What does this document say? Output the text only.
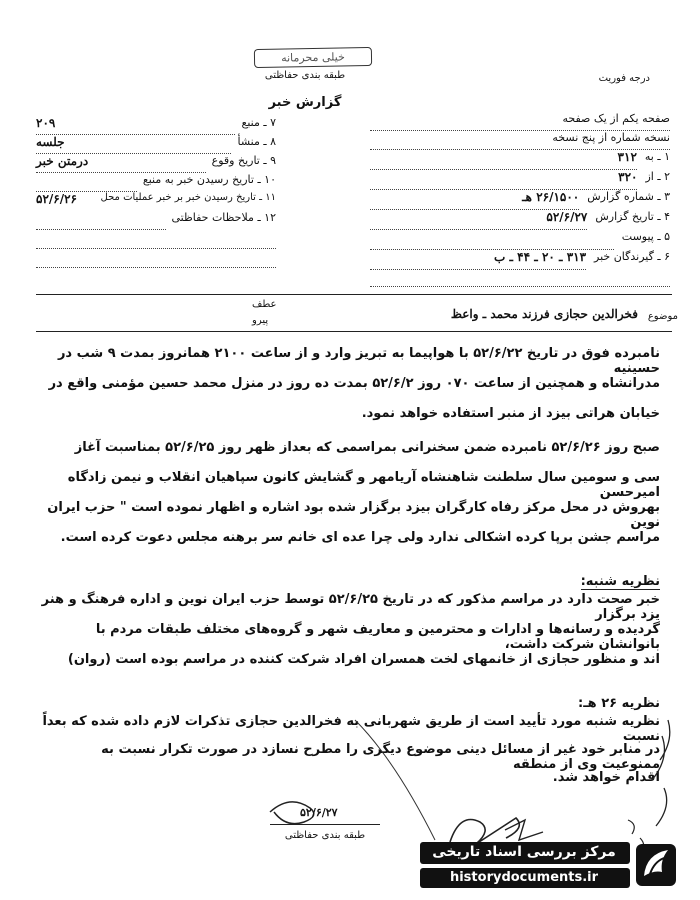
خیلی محرمانه
طبقه بندی حفاظتی
گزارش خبر
درجه فوریت
۷ ـ منبع
۲۰۹
۸ ـ منشأ
جلسه
۹ ـ تاریخ وقوع
درمتن خبر
۱۰ ـ تاریخ رسیدن خبر به منبع
۱۱ ـ تاریخ رسیدن خبر بر خبر عملیات محل
۵۲/۶/۲۶
۱۲ ـ ملاحظات حفاظتی
صفحه یکم از یک صفحه
نسخه شماره از پنج نسخه
۱ ـ به
۳۱۲
۲ ـ از
۳۲۰
۳ ـ شماره گزارش
۲۶/۱۵۰۰ هـ
۴ ـ تاریخ گزارش
۵۲/۶/۲۷
۵ ـ پیوست
۶ ـ گیرندگان خبر
۳۱۳ ـ ۲۰ ـ ۴۴ ـ ب
موضوع
فخرالدین حجازی فرزند محمد ـ واعظ
عطف
پیرو
نامبرده فوق در تاریخ ۵۲/۶/۲۲ با هواپیما به تبریز وارد و از ساعت ۲۱۰۰ همانروز بمدت ۹ شب در حسینیه
مدرانشاه و همچنین از ساعت ۰۷۰ روز ۵۲/۶/۲ بمدت ده روز در منزل محمد حسین مؤمنی واقع در
خیابان هراتی بیزد از منبر استفاده خواهد نمود.
صبح روز ۵۲/۶/۲۶ نامبرده ضمن سخنرانی بمراسمی که بعداز ظهر روز ۵۲/۶/۲۵ بمناسبت آغاز
سی و سومین سال سلطنت شاهنشاه آریامهر و گشایش کانون سپاهیان انقلاب و نیمن زادگاه امیرحسن
بهروش در محل مرکز رفاه کارگران بیزد برگزار شده بود اشاره و اظهار نموده است " حزب ایران نوین
مراسم جشن برپا کرده اشکالی ندارد ولی چرا عده ای خانم سر برهنه مجلس دعوت کرده است.
نظریه شنبه:
خبر صحت دارد در مراسم مذکور که در تاریخ ۵۲/۶/۲۵ توسط حزب ایران نوین و اداره فرهنگ و هنر یزد برگزار
گردیده و رسانه‌ها و ادارات و محترمین و معاریف شهر و گروه‌های مختلف طبقات مردم با بانوانشان شرکت داشت،
اند و منظور حجازی از خانمهای لخت همسران افراد شرکت کننده در مراسم بوده است (روان)
نظریه ۲۶ هـ:
نظریه شنبه مورد تأیید است از طریق شهربانی به فخرالدین حجازی تذکرات لازم داده شده که بعداً نسبت
در منابر خود غیر از مسائل دینی موضوع دیگری را مطرح نسازد در صورت تکرار نسبت به ممنوعیت وی از منطقه
اقدام خواهد شد.
۵۲/۶/۲۷
طبقه بندی حفاظتی
مرکز بررسی اسناد تاریخی
historydocuments.ir
